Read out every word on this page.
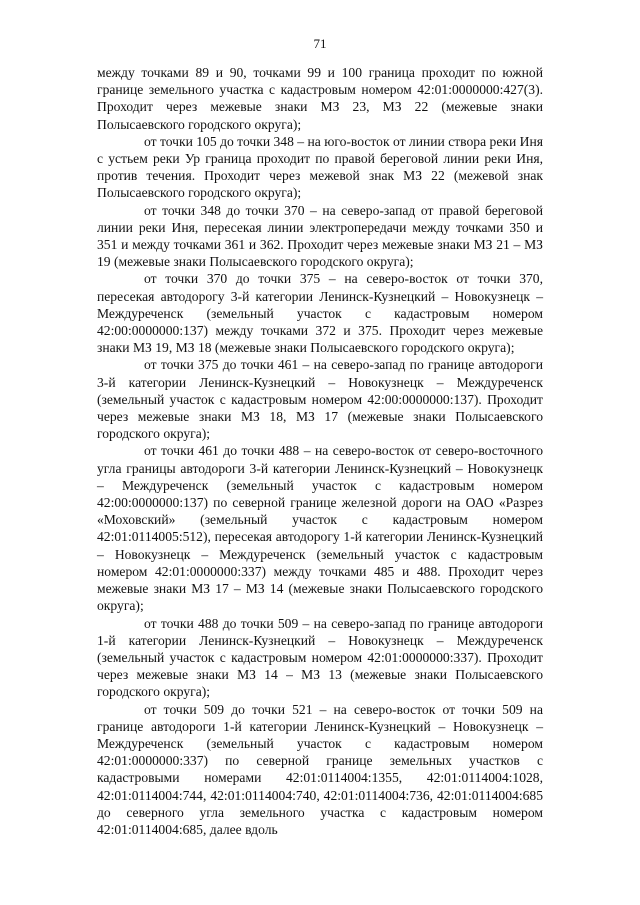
71

между точками 89 и 90, точками 99 и 100 граница проходит по южной границе земельного участка с кадастровым номером 42:01:0000000:427(3). Проходит через межевые знаки МЗ 23, МЗ 22 (межевые знаки Полысаевского городского округа);

от точки 105 до точки 348 – на юго-восток от линии створа реки Иня с устьем реки Ур граница проходит по правой береговой линии реки Иня, против течения. Проходит через межевой знак МЗ 22 (межевой знак Полысаевского городского округа);

от точки 348 до точки 370 – на северо-запад от правой береговой линии реки Иня, пересекая линии электропередачи между точками 350 и 351 и между точками 361 и 362. Проходит через межевые знаки МЗ 21 – МЗ 19 (межевые знаки Полысаевского городского округа);

от точки 370 до точки 375 – на северо-восток от точки 370, пересекая автодорогу 3-й категории Ленинск-Кузнецкий – Новокузнецк – Междуреченск (земельный участок с кадастровым номером 42:00:0000000:137) между точками 372 и 375. Проходит через межевые знаки МЗ 19, МЗ 18 (межевые знаки Полысаевского городского округа);

от точки 375 до точки 461 – на северо-запад по границе автодороги 3-й категории Ленинск-Кузнецкий – Новокузнецк – Междуреченск (земельный участок с кадастровым номером 42:00:0000000:137). Проходит через межевые знаки МЗ 18, МЗ 17 (межевые знаки Полысаевского городского округа);

от точки 461 до точки 488 – на северо-восток от северо-восточного угла границы автодороги 3-й категории Ленинск-Кузнецкий – Новокузнецк – Междуреченск (земельный участок с кадастровым номером 42:00:0000000:137) по северной границе железной дороги на ОАО «Разрез «Моховский» (земельный участок с кадастровым номером 42:01:0114005:512), пересекая автодорогу 1-й категории Ленинск-Кузнецкий – Новокузнецк – Междуреченск (земельный участок с кадастровым номером 42:01:0000000:337) между точками 485 и 488. Проходит через межевые знаки МЗ 17 – МЗ 14 (межевые знаки Полысаевского городского округа);

от точки 488 до точки 509 – на северо-запад по границе автодороги 1-й категории Ленинск-Кузнецкий – Новокузнецк – Междуреченск (земельный участок с кадастровым номером 42:01:0000000:337). Проходит через межевые знаки МЗ 14 – МЗ 13 (межевые знаки Полысаевского городского округа);

от точки 509 до точки 521 – на северо-восток от точки 509 на границе автодороги 1-й категории Ленинск-Кузнецкий – Новокузнецк – Междуреченск (земельный участок с кадастровым номером 42:01:0000000:337) по северной границе земельных участков с кадастровыми номерами 42:01:0114004:1355, 42:01:0114004:1028, 42:01:0114004:744, 42:01:0114004:740, 42:01:0114004:736, 42:01:0114004:685 до северного угла земельного участка с кадастровым номером 42:01:0114004:685, далее вдоль
